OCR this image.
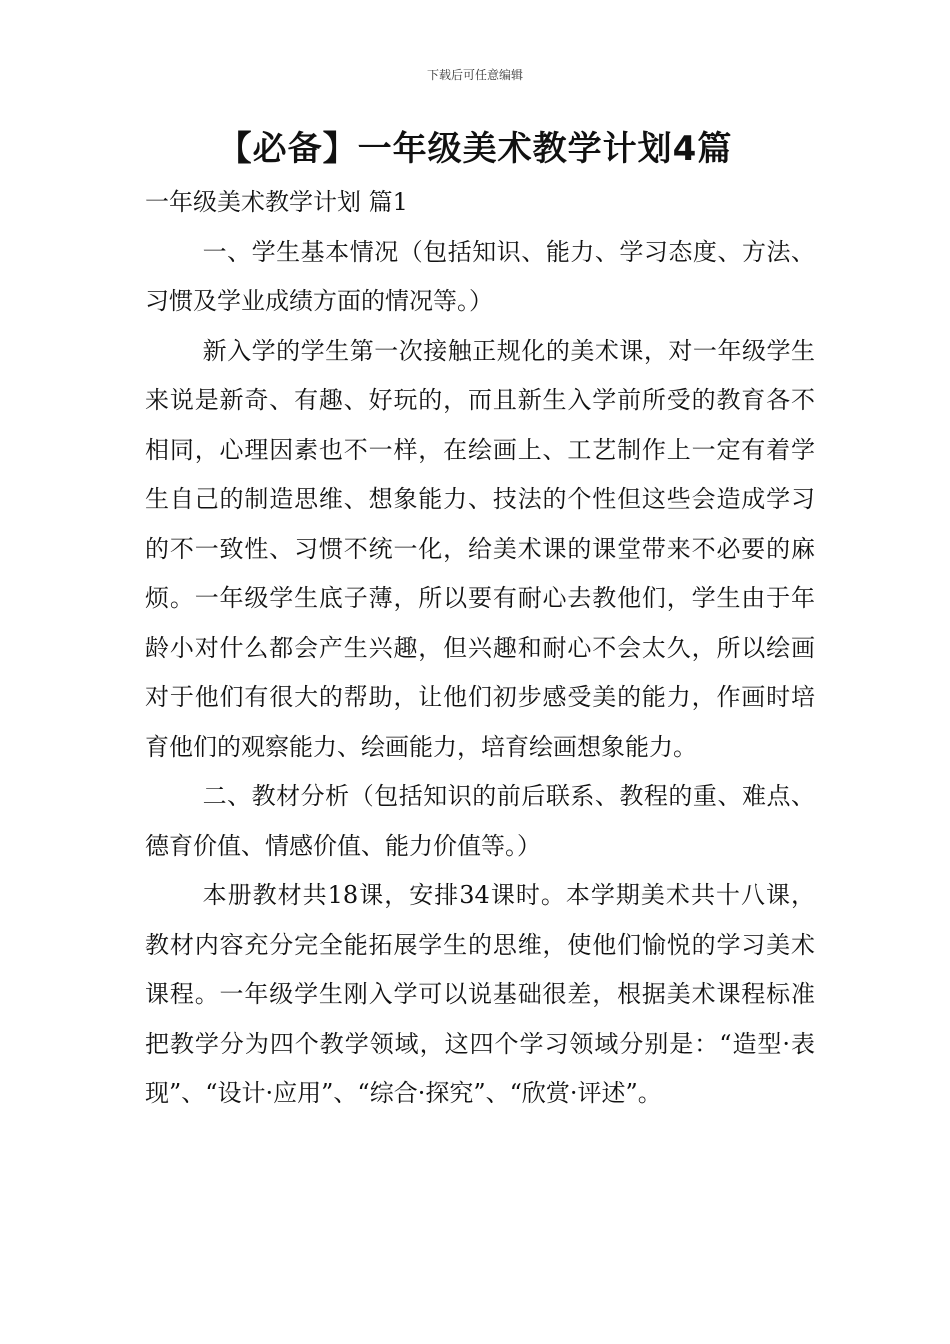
下载后可任意编辑
【必备】一年级美术教学计划4篇

一年级美术教学计划 篇1

一、学生基本情况（包括知识、能力、学习态度、方法、习惯及学业成绩方面的情况等。）

新入学的学生第一次接触正规化的美术课，对一年级学生来说是新奇、有趣、好玩的，而且新生入学前所受的教育各不相同，心理因素也不一样，在绘画上、工艺制作上一定有着学生自己的制造思维、想象能力、技法的个性但这些会造成学习的不一致性、习惯不统一化，给美术课的课堂带来不必要的麻烦。一年级学生底子薄，所以要有耐心去教他们，学生由于年龄小对什么都会产生兴趣，但兴趣和耐心不会太久，所以绘画对于他们有很大的帮助，让他们初步感受美的能力，作画时培育他们的观察能力、绘画能力，培育绘画想象能力。

二、教材分析（包括知识的前后联系、教程的重、难点、德育价值、情感价值、能力价值等。）

本册教材共18课，安排34课时。本学期美术共十八课，教材内容充分完全能拓展学生的思维，使他们愉悦的学习美术课程。一年级学生刚入学可以说基础很差，根据美术课程标准把教学分为四个教学领域，这四个学习领域分别是：“造型·表现”、“设计·应用”、“综合·探究”、“欣赏·评述”。
